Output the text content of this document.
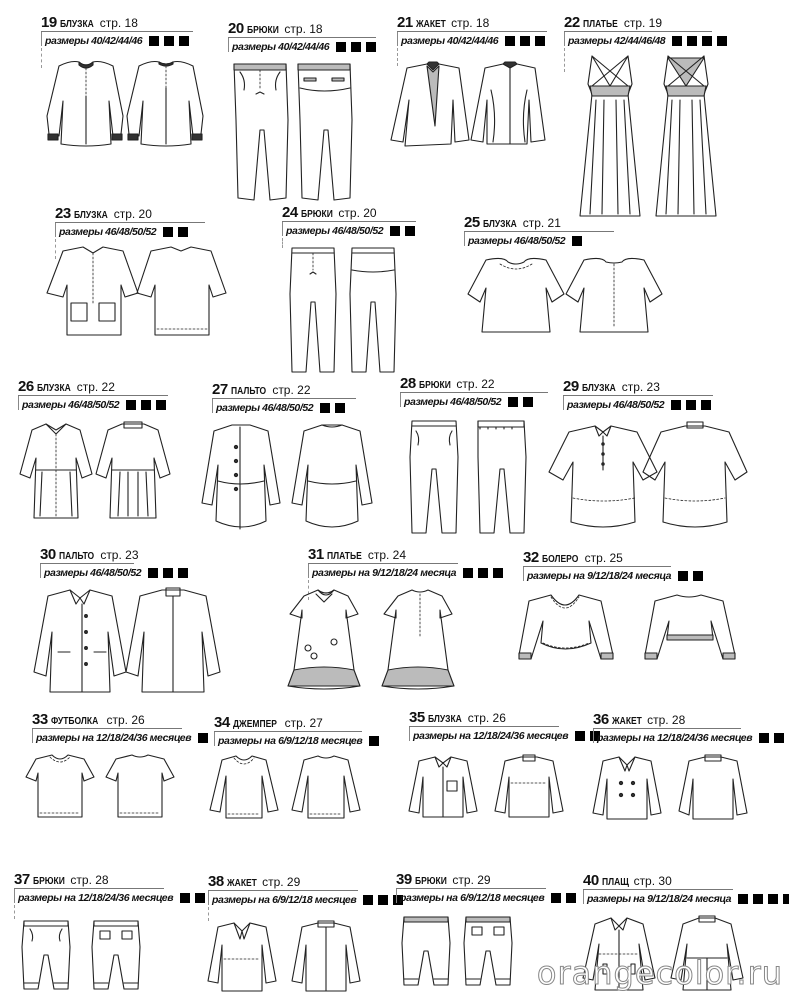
19 БЛУЗКА стр. 18
размеры 40/42/44/46
20 БРЮКИ стр. 18
размеры 40/42/44/46
21 ЖАКЕТ стр. 18
размеры 40/42/44/46
22 ПЛАТЬЕ стр. 19
размеры 42/44/46/48
23 БЛУЗКА стр. 20
размеры 46/48/50/52
24 БРЮКИ стр. 20
размеры 46/48/50/52	25 БЛУЗКА стр. 21
размеры 46/48/50/52
26 БЛУЗКА стр. 22
размеры 46/48/50/52
27 ПАЛЬТО стр. 22
размеры 46/48/50/52
28 БРЮКИ стр. 22
размеры 46/48/50/52
29 БЛУЗКА стр. 23
размеры 46/48/50/52
30 ПАЛЬТО стр. 23
размеры 46/48/50/52
31 ПЛАТЬЕ стр. 24
размеры на 9/12/18/24 месяца
32 БОЛЕРО стр. 25
размеры на 9/12/18/24 месяца
33 ФУТБОЛКА стр. 26
размеры на 12/18/24/36 месяцев
34 ДЖЕМПЕР стр. 27
размеры на 6/9/12/18 месяцев
35 БЛУЗКА стр. 26
размеры на 12/18/24/36 месяцев
36 ЖАКЕТ стр. 28
размеры на 12/18/24/36 месяцев
37 БРЮКИ стр. 28
размеры на 12/18/24/36 месяцев
38 ЖАКЕТ стр. 29
размеры на 6/9/12/18 месяцев
39 БРЮКИ стр. 29
размеры на 6/9/12/18 месяцев
40 ПЛАЩ стр. 30
размеры на 9/12/18/24 месяца
orangecolor.ru
